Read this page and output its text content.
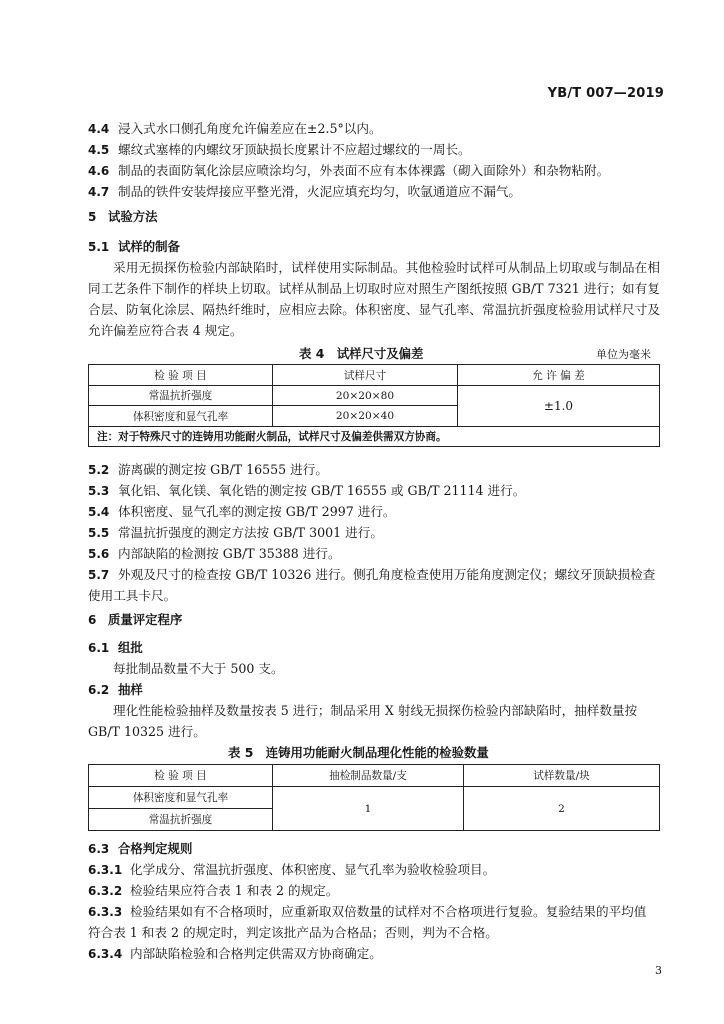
YB/T 007—2019
4.4 浸入式水口侧孔角度允许偏差应在±2.5°以内。
4.5 螺纹式塞棒的内螺纹牙顶缺损长度累计不应超过螺纹的一周长。
4.6 制品的表面防氧化涂层应喷涂均匀，外表面不应有本体裸露（砌入面除外）和杂物粘附。
4.7 制品的铁件安装焊接应平整光滑，火泥应填充均匀，吹氩通道应不漏气。
5 试验方法
5.1 试样的制备
采用无损探伤检验内部缺陷时，试样使用实际制品。其他检验时试样可从制品上切取或与制品在相同工艺条件下制作的样块上切取。试样从制品上切取时应对照生产图纸按照 GB/T 7321 进行；如有复合层、防氧化涂层、隔热纤维时，应相应去除。体积密度、显气孔率、常温抗折强度检验用试样尺寸及允许偏差应符合表 4 规定。
表 4　试样尺寸及偏差	单位为毫米
检 验 项 目	试样尺寸	允 许 偏 差
常温抗折强度	20×20×80	±1.0
体积密度和显气孔率	20×20×40	
注：对于特殊尺寸的连铸用功能耐火制品，试样尺寸及偏差供需双方协商。		
5.2 游离碳的测定按 GB/T 16555 进行。
5.3 氧化铝、氧化镁、氧化锆的测定按 GB/T 16555 或 GB/T 21114 进行。
5.4 体积密度、显气孔率的测定按 GB/T 2997 进行。
5.5 常温抗折强度的测定方法按 GB/T 3001 进行。
5.6 内部缺陷的检测按 GB/T 35388 进行。
5.7 外观及尺寸的检查按 GB/T 10326 进行。侧孔角度检查使用万能角度测定仪；螺纹牙顶缺损检查
使用工具卡尺。
6 质量评定程序
6.1 组批
每批制品数量不大于 500 支。
6.2 抽样
理化性能检验抽样及数量按表 5 进行；制品采用 X 射线无损探伤检验内部缺陷时，抽样数量按
GB/T 10325 进行。
表 5　连铸用功能耐火制品理化性能的检验数量
检 验 项 目	抽检制品数量/支	试样数量/块
体积密度和显气孔率	1	2
常温抗折强度		
6.3 合格判定规则
6.3.1 化学成分、常温抗折强度、体积密度、显气孔率为验收检验项目。
6.3.2 检验结果应符合表 1 和表 2 的规定。
6.3.3 检验结果如有不合格项时，应重新取双倍数量的试样对不合格项进行复验。复验结果的平均值
符合表 1 和表 2 的规定时，判定该批产品为合格品；否则，判为不合格。
6.3.4 内部缺陷检验和合格判定供需双方协商确定。
3
